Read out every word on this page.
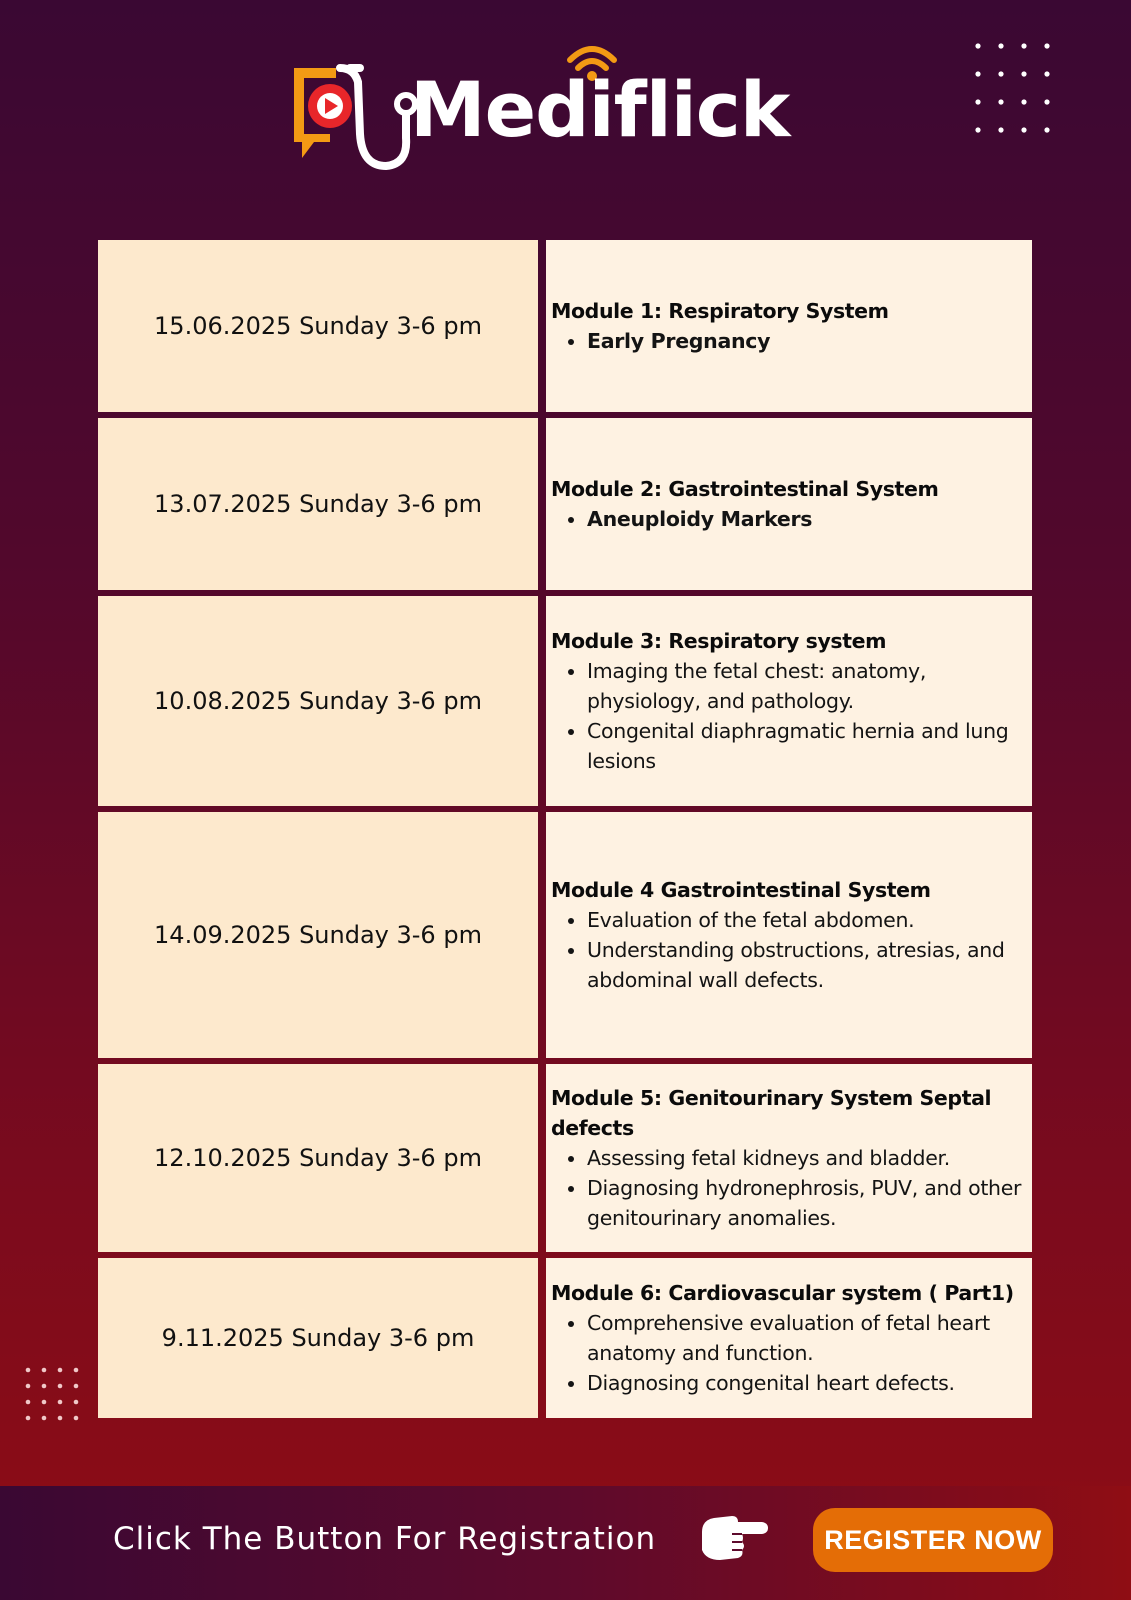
Mediflick
15.06.2025 Sunday 3-6 pm
Module 1: Respiratory System
• Early Pregnancy
13.07.2025 Sunday 3-6 pm
Module 2: Gastrointestinal System
• Aneuploidy Markers
10.08.2025 Sunday 3-6 pm
Module 3: Respiratory system
• Imaging the fetal chest: anatomy, physiology, and pathology.
• Congenital diaphragmatic hernia and lung lesions
14.09.2025 Sunday 3-6 pm
Module 4 Gastrointestinal System
• Evaluation of the fetal abdomen.
• Understanding obstructions, atresias, and abdominal wall defects.
12.10.2025 Sunday 3-6 pm
Module 5: Genitourinary System Septal defects
• Assessing fetal kidneys and bladder.
• Diagnosing hydronephrosis, PUV, and other genitourinary anomalies.
9.11.2025 Sunday 3-6 pm
Module 6: Cardiovascular system ( Part1)
• Comprehensive evaluation of fetal heart anatomy and function.
• Diagnosing congenital heart defects.
Click The Button For Registration	REGISTER NOW
